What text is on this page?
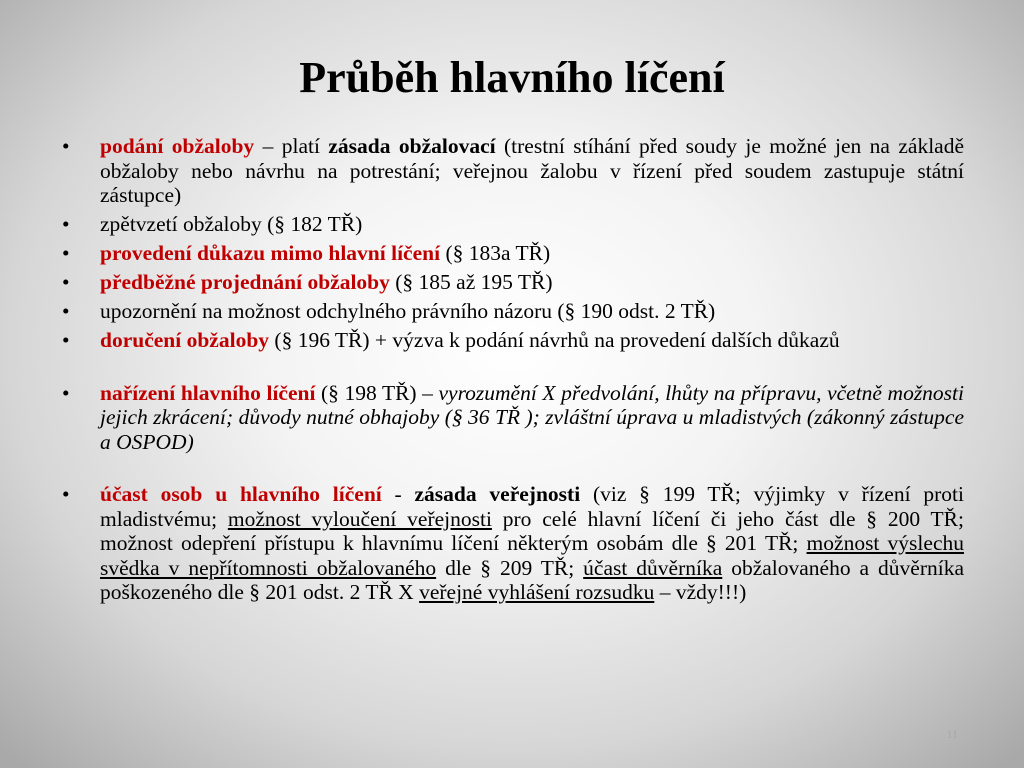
Průběh hlavního líčení
• podání obžaloby – platí zásada obžalovací (trestní stíhání před soudy je možné jen na základě obžaloby nebo návrhu na potrestání; veřejnou žalobu v řízení před soudem zastupuje státní zástupce)
• zpětvzetí obžaloby (§ 182 TŘ)
• provedení důkazu mimo hlavní líčení (§ 183a TŘ)
• předběžné projednání obžaloby (§ 185 až 195 TŘ)
• upozornění na možnost odchylného právního názoru (§ 190 odst. 2 TŘ)
• doručení obžaloby (§ 196 TŘ) + výzva k podání návrhů na provedení dalších důkazů
• nařízení hlavního líčení (§ 198 TŘ) – vyrozumění X předvolání, lhůty na přípravu, včetně možnosti jejich zkrácení; důvody nutné obhajoby (§ 36 TŘ ); zvláštní úprava u mladistvých (zákonný zástupce a OSPOD)
• účast osob u hlavního líčení - zásada veřejnosti (viz § 199 TŘ; výjimky v řízení proti mladistvému; možnost vyloučení veřejnosti pro celé hlavní líčení či jeho část dle § 200 TŘ; možnost odepření přístupu k hlavnímu líčení některým osobám dle § 201 TŘ; možnost výslechu svědka v nepřítomnosti obžalovaného dle § 209 TŘ; účast důvěrníka obžalovaného a důvěrníka poškozeného dle § 201 odst. 2 TŘ X veřejné vyhlášení rozsudku – vždy!!!)
11
